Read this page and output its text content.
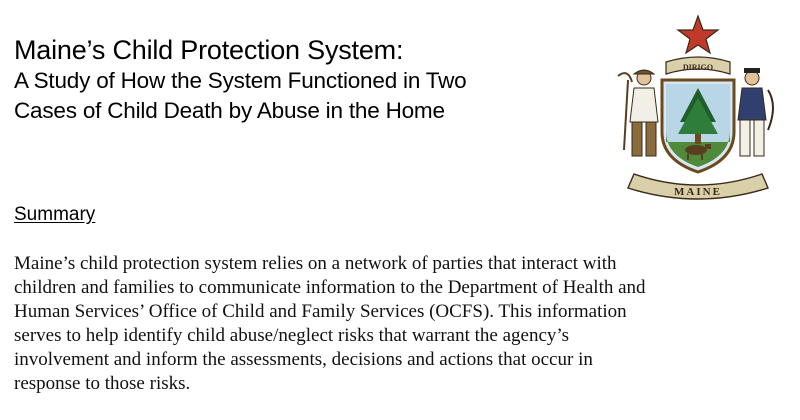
Maine’s Child Protection System:
A Study of How the System Functioned in Two
Cases of Child Death by Abuse in the Home
DIRIGO
MAINE
Summary

Maine’s child protection system relies on a network of parties that interact with
children and families to communicate information to the Department of Health and
Human Services’ Office of Child and Family Services (OCFS). This information
serves to help identify child abuse/neglect risks that warrant the agency’s
involvement and inform the assessments, decisions and actions that occur in
response to those risks.
